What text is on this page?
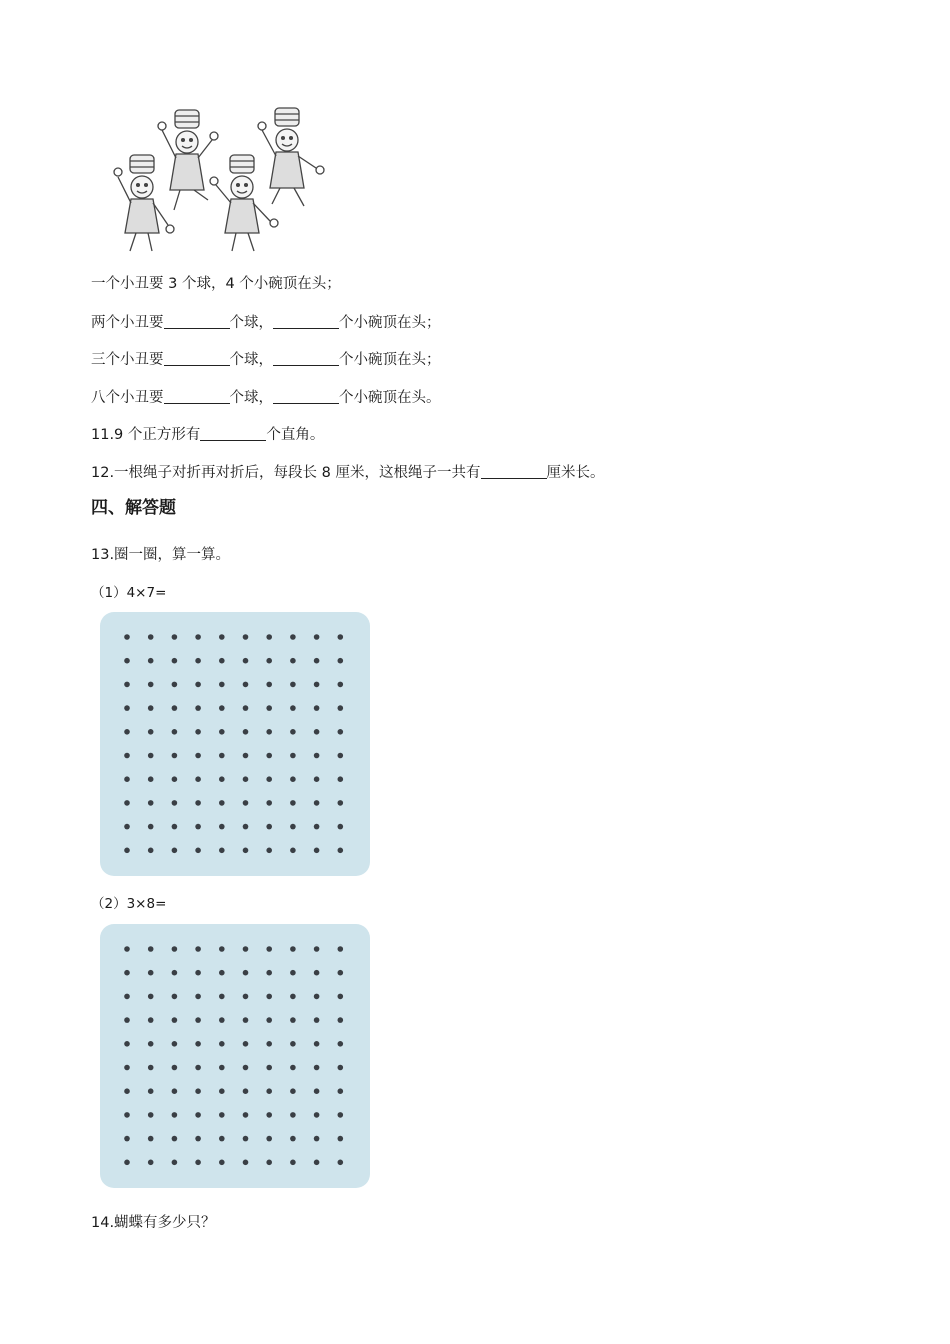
一个小丑要 3 个球，4 个小碗顶在头；
两个小丑要	个球，	个小碗顶在头；
三个小丑要	个球，	个小碗顶在头；
八个小丑要	个球，	个小碗顶在头。
11.9 个正方形有	个直角。
12.一根绳子对折再对折后，每段长 8 厘米，这根绳子一共有	厘米长。
四、解答题
13.圈一圈，算一算。
（1）4×7=
（2）3×8=
14.蝴蝶有多少只？
